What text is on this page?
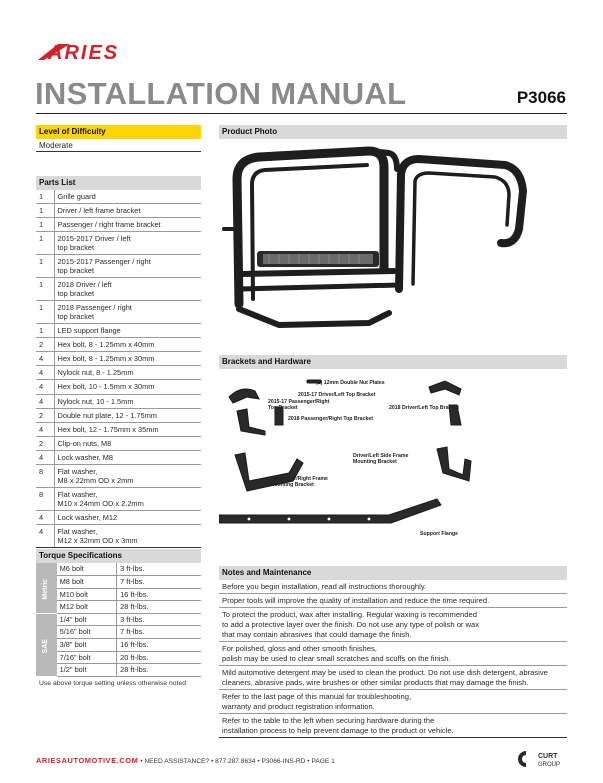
ARIES
INSTALLATION MANUAL	P3066
Level of Difficulty
Moderate
Parts List
1	Grille guard
1	Driver / left frame bracket
1	Passenger / right frame bracket
1	2015-2017 Driver / left
top bracket
1	2015-2017 Passenger / right
top bracket
1	2018 Driver / left
top bracket
1	2018 Passenger / right
top bracket
1	LED support flange
2	Hex bolt, 8 - 1.25mm x 40mm
4	Hex bolt, 8 - 1.25mm x 30mm
4	Nylock nut, 8 - 1.25mm
4	Hex bolt, 10 - 1.5mm x 30mm
4	Nylock nut, 10 - 1.5mm
2	Double nut plate, 12 - 1.75mm
4	Hex bolt, 12 - 1.75mm x 35mm
2	Clip-on nuts, M8
4	Lock washer, M8
8	Flat washer,
M8 x 22mm OD x 2mm
8	Flat washer,
M10 x 24mm OD x 2.2mm
4	Lock washer, M12
4	Flat washer,
M12 x 32mm OD x 3mm
Torque Specifications
Metric	M6 bolt	3 ft-lbs.
	M8 bolt	7 ft-lbs.
	M10 bolt	16 ft-lbs.
	M12 bolt	28 ft-lbs.
SAE	1/4" bolt	3 ft-lbs.
	5/16" bolt	7 ft-lbs.
	3/8" bolt	16 ft-lbs.
	7/16" bolt	20 ft-lbs.
	1/2" bolt	28 ft-lbs.
Use above torque setting unless otherwise noted
Product Photo
Brackets and Hardware
(2) 12mm Double Nut Plates
2015-17 Driver/Left Top Bracket
2015-17 Passenger/Right
Top Bracket	2018 Driver/Left Top Bracket
2018 Passenger/Right Top Bracket
Driver/Left Side Frame
Mounting Bracket
Passenger/Right Frame
Mounting Bracket
Support Flange
Notes and Maintenance
Before you begin installation, read all instructions thoroughly.
Proper tools will improve the quality of installation and reduce the time required.
To protect the product, wax after installing. Regular waxing is recommended
to add a protective layer over the finish. Do not use any type of polish or wax
that may contain abrasives that could damage the finish.
For polished, gloss and other smooth finishes,
polish may be used to clear small scratches and scuffs on the finish.
Mild automotive detergent may be used to clean the product. Do not use dish detergent, abrasive
cleaners, abrasive pads, wire brushes or other similar products that may damage the finish.
Refer to the last page of this manual for troubleshooting,
warranty and product registration information.
Refer to the table to the left when securing hardware during the
installation process to help prevent damage to the product or vehicle.
ARIESAUTOMOTIVE.COM • NEED ASSISTANCE? • 877.287.8634 • P3066-INS-RD • PAGE 1
CURT
GROUP
